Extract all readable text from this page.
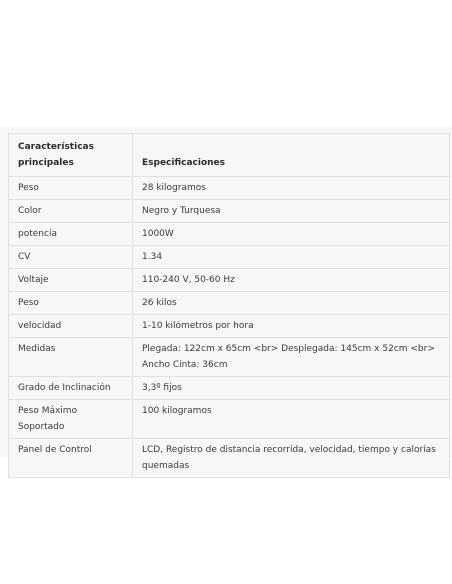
Características principales	Especificaciones
Peso	28 kilogramos
Color	Negro y Turquesa
potencia	1000W
CV	1.34
Voltaje	110-240 V, 50-60 Hz
Peso	26 kilos
velocidad	1-10 kilómetros por hora
Medidas	Plegada: 122cm x 65cm <br> Desplegada: 145cm x 52cm <br> Ancho Cinta: 36cm
Grado de Inclinación	3,3º fijos
Peso Máximo Soportado	100 kilogramos
Panel de Control	LCD, Registro de distancia recorrida, velocidad, tiempo y calorías quemadas
